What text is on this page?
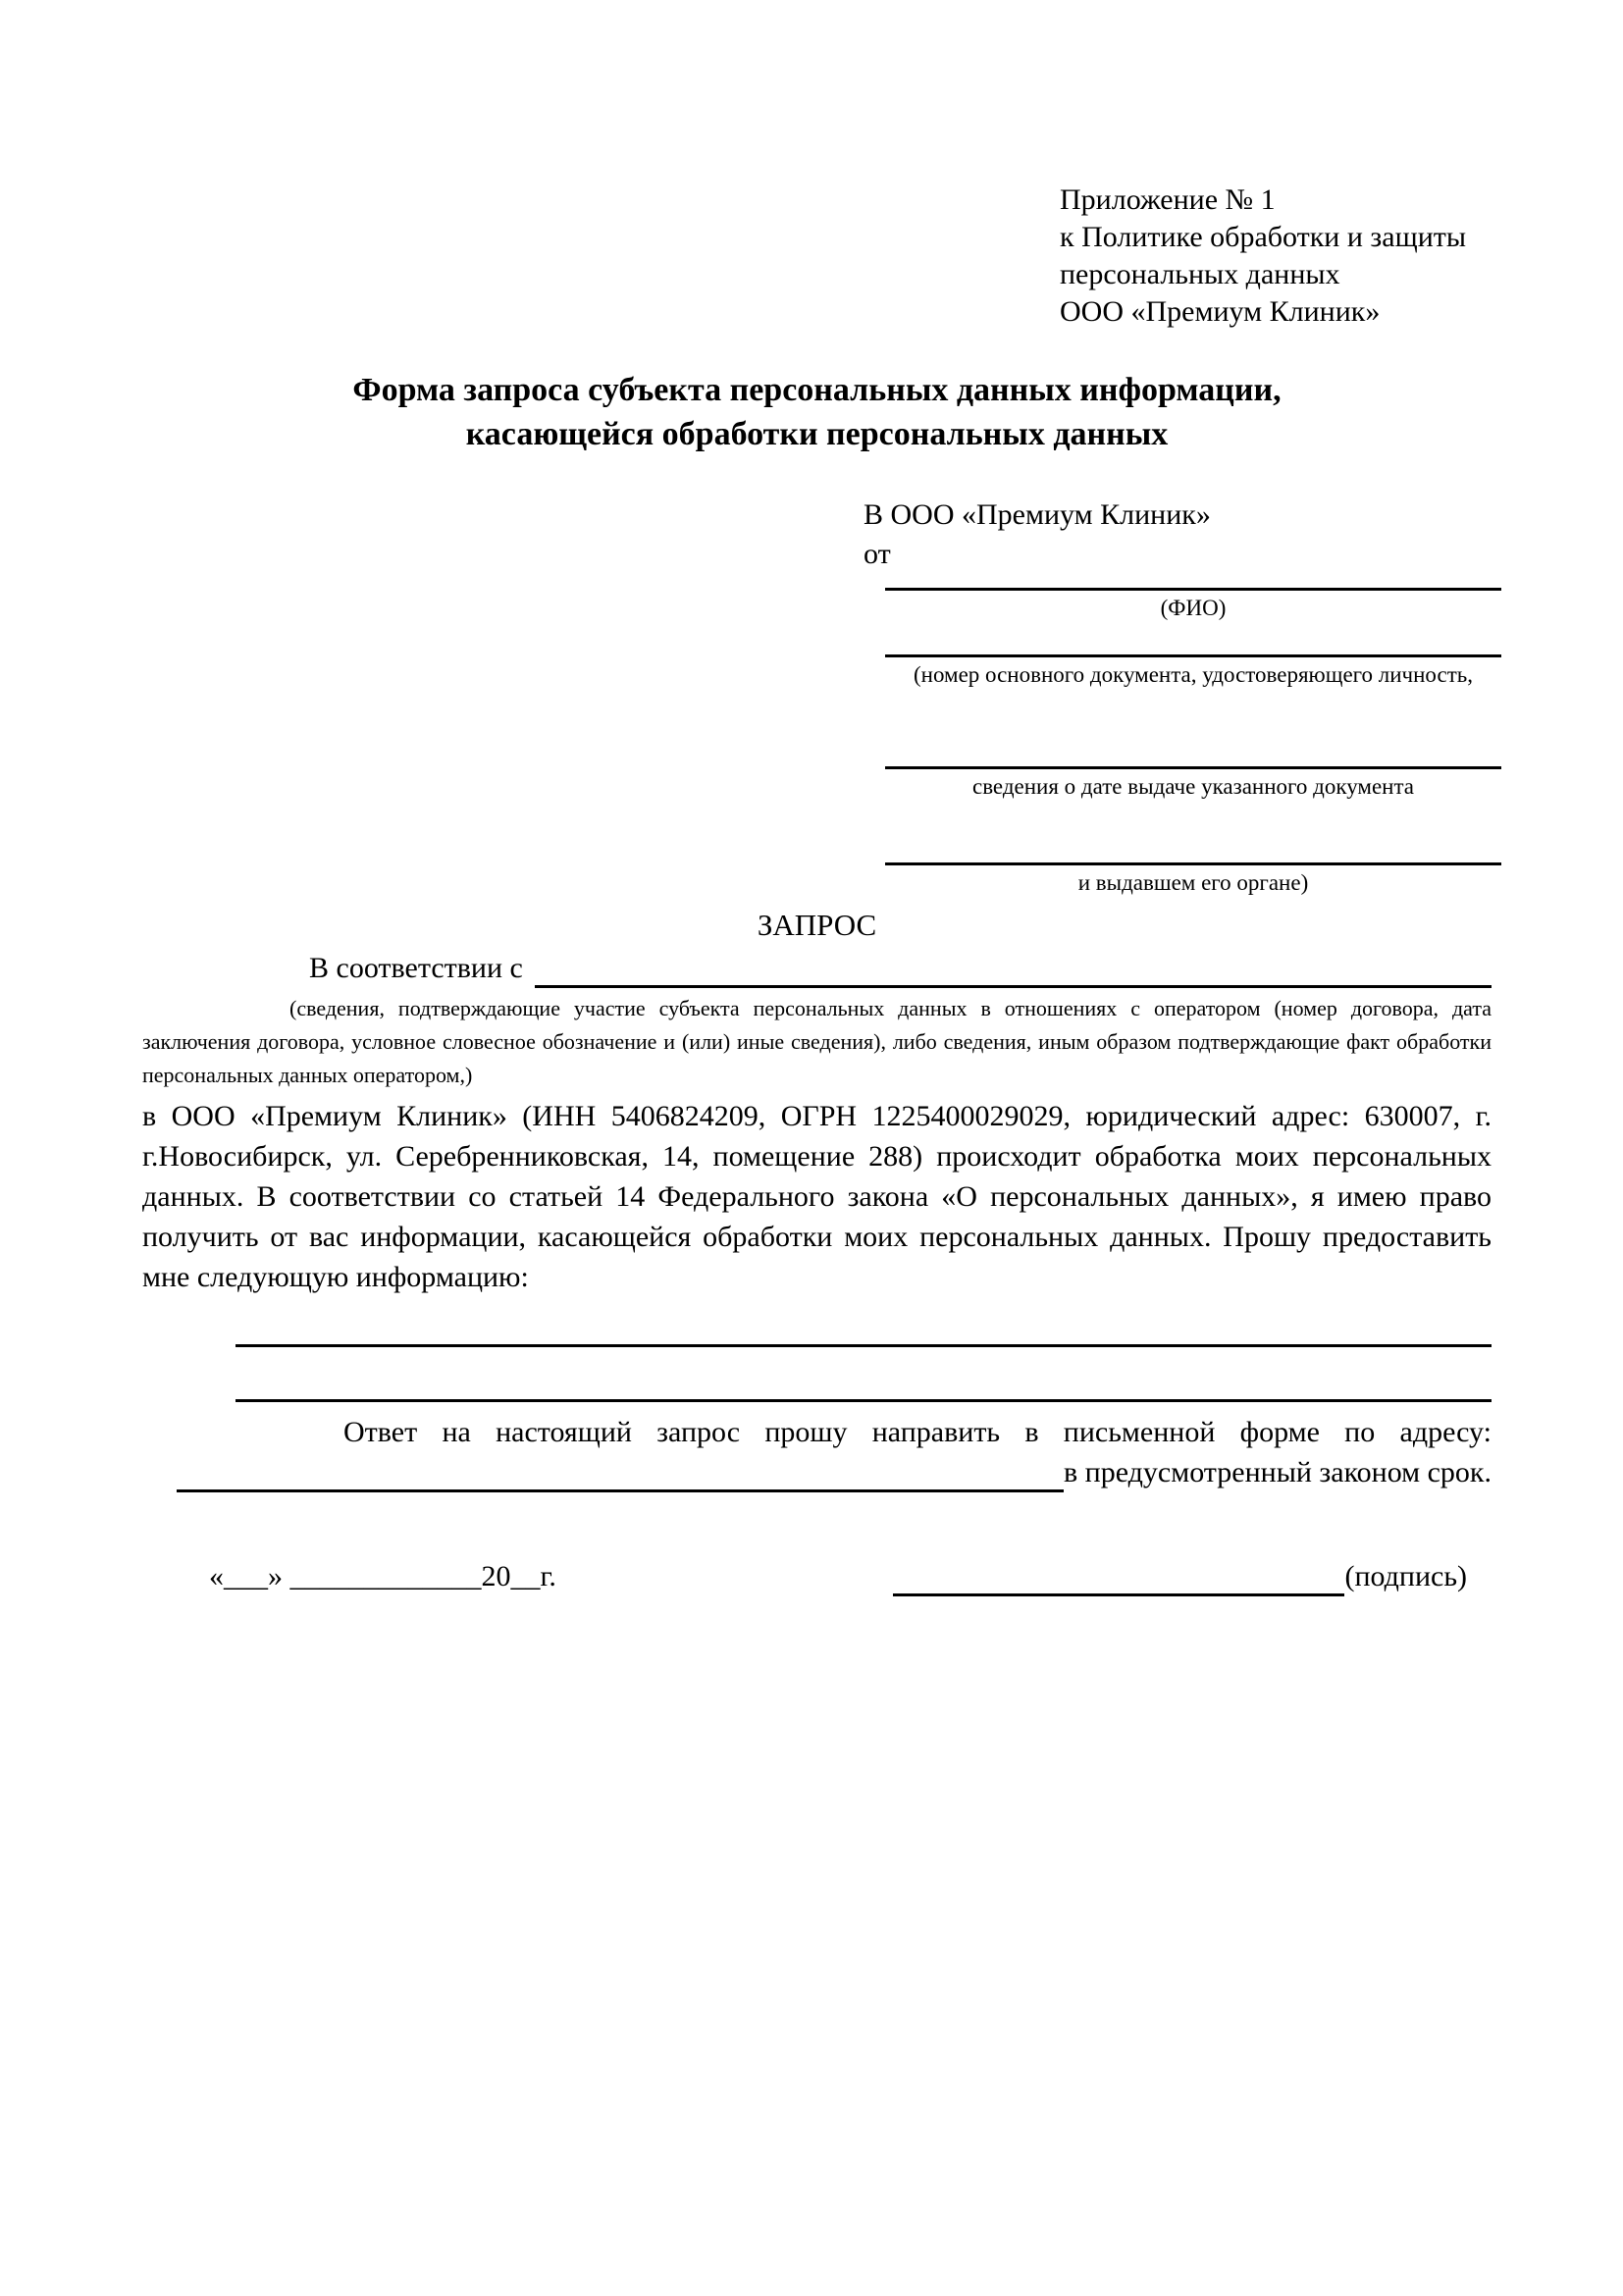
Приложение № 1
к Политике обработки и защиты
персональных данных
ООО «Премиум Клиник»
Форма запроса субъекта персональных данных информации,
касающейся обработки персональных данных
В ООО «Премиум Клиник»
от
(ФИО)
(номер основного документа, удостоверяющего личность,
сведения о дате выдаче указанного документа
и выдавшем его органе)
ЗАПРОС
В соответствии с
(сведения, подтверждающие участие субъекта персональных данных в отношениях с оператором (номер договора, дата заключения договора, условное словесное обозначение и (или) иные сведения), либо сведения, иным образом подтверждающие факт обработки персональных данных оператором,)
в ООО «Премиум Клиник» (ИНН 5406824209, ОГРН 1225400029029, юридический адрес: 630007, г. г.Новосибирск, ул. Серебренниковская, 14, помещение 288) происходит обработка моих персональных данных. В соответствии со статьей 14 Федерального закона «О персональных данных», я имею право получить от вас информации, касающейся обработки моих персональных данных. Прошу предоставить мне следующую информацию:
Ответ на настоящий запрос прошу направить в письменной форме по адресу:
в предусмотренный законом срок.
«___» _____________20__г.	(подпись)
